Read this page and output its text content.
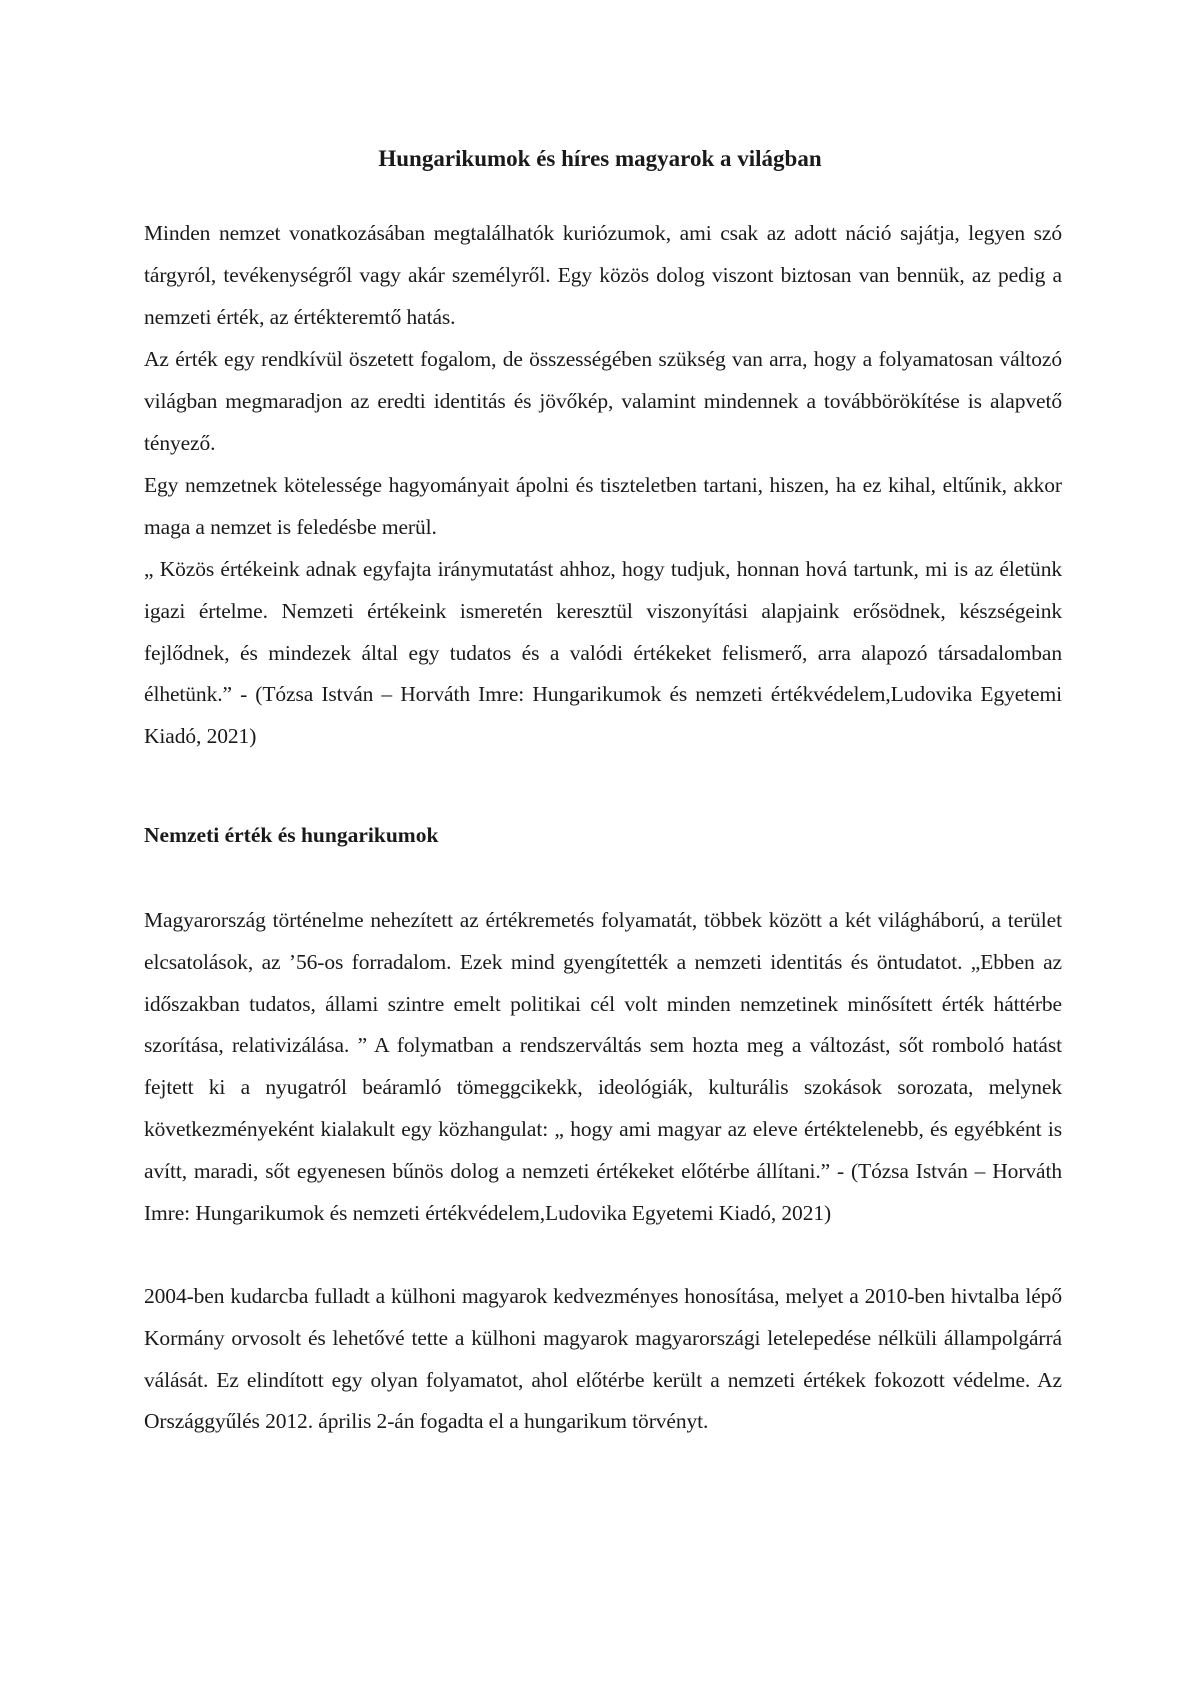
Hungarikumok és híres magyarok a világban

Minden nemzet vonatkozásában megtalálhatók kuriózumok, ami csak az adott náció sajátja, legyen szó tárgyról, tevékenységről vagy akár személyről. Egy közös dolog viszont biztosan van bennük, az pedig a nemzeti érték, az értékteremtő hatás.

Az érték egy rendkívül öszetett fogalom, de összességében szükség van arra, hogy a folyamatosan változó világban megmaradjon az eredti identitás és jövőkép, valamint mindennek a továbbörökítése is alapvető tényező.

Egy nemzetnek kötelessége hagyományait ápolni és tiszteletben tartani, hiszen, ha ez kihal, eltűnik, akkor maga a nemzet is feledésbe merül.

„ Közös értékeink adnak egyfajta iránymutatást ahhoz, hogy tudjuk, honnan hová tartunk, mi is az életünk igazi értelme. Nemzeti értékeink ismeretén keresztül viszonyítási alapjaink erősödnek, készségeink fejlődnek, és mindezek által egy tudatos és a valódi értékeket felismerő, arra alapozó társadalomban élhetünk.” - (Tózsa István – Horváth Imre: Hungarikumok és nemzeti értékvédelem,Ludovika Egyetemi Kiadó, 2021)

Nemzeti érték és hungarikumok

Magyarország történelme nehezített az értékremetés folyamatát, többek között a két világháború, a terület elcsatolások, az ’56-os forradalom. Ezek mind gyengítették a nemzeti identitás és öntudatot. „Ebben az időszakban tudatos, állami szintre emelt politikai cél volt minden nemzetinek minősített érték háttérbe szorítása, relativizálása. ” A folymatban a rendszerváltás sem hozta meg a változást, sőt romboló hatást fejtett ki a nyugatról beáramló tömeggcikekk, ideológiák, kulturális szokások sorozata, melynek következményeként kialakult egy közhangulat: „ hogy ami magyar az eleve értéktelenebb, és egyébként is avítt, maradi, sőt egyenesen bűnös dolog a nemzeti értékeket előtérbe állítani.” - (Tózsa István – Horváth Imre: Hungarikumok és nemzeti értékvédelem,Ludovika Egyetemi Kiadó, 2021)

2004-ben kudarcba fulladt a külhoni magyarok kedvezményes honosítása, melyet a 2010-ben hivtalba lépő Kormány orvosolt és lehetővé tette a külhoni magyarok magyarországi letelepedése nélküli állampolgárrá válását. Ez elindított egy olyan folyamatot, ahol előtérbe került a nemzeti értékek fokozott védelme. Az Országgyűlés 2012. április 2-án fogadta el a hungarikum törvényt.
